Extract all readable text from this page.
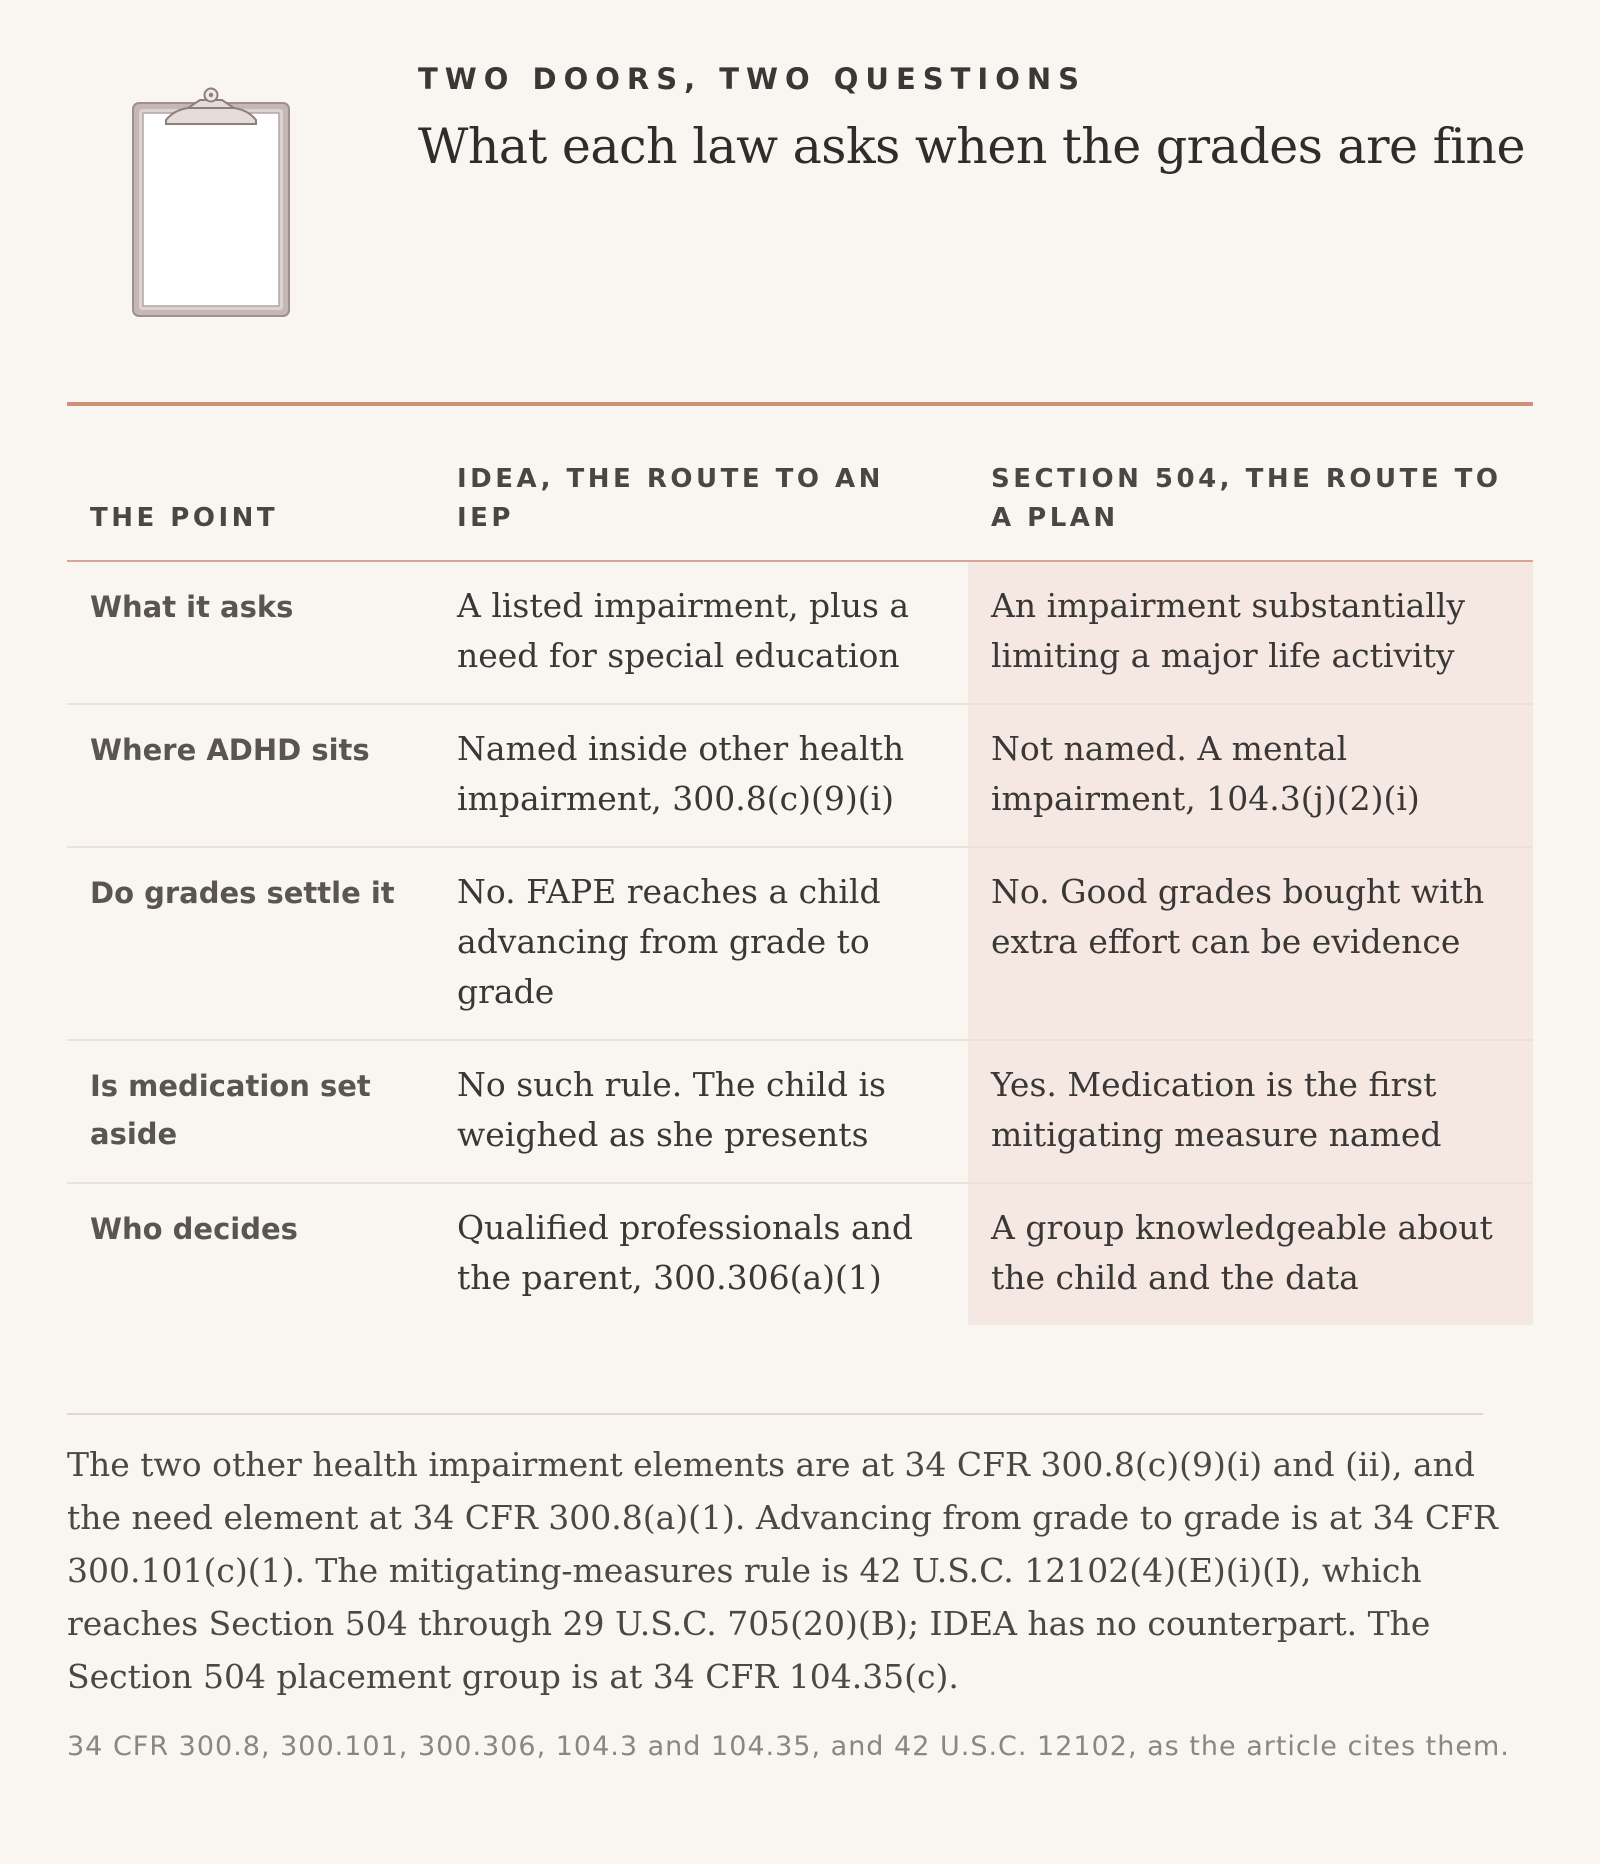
TWO DOORS, TWO QUESTIONS
What each law asks when the grades are fine
THE POINT	IDEA, THE ROUTE TO AN IEP	SECTION 504, THE ROUTE TO A PLAN
What it asks	A listed impairment, plus a need for special education	An impairment substantially limiting a major life activity
Where ADHD sits	Named inside other health impairment, 300.8(c)(9)(i)	Not named. A mental impairment, 104.3(j)(2)(i)
Do grades settle it	No. FAPE reaches a child advancing from grade to grade	No. Good grades bought with extra effort can be evidence
Is medication set aside	No such rule. The child is weighed as she presents	Yes. Medication is the first mitigating measure named
Who decides	Qualified professionals and the parent, 300.306(a)(1)	A group knowledgeable about the child and the data
The two other health impairment elements are at 34 CFR 300.8(c)(9)(i) and (ii), and the need element at 34 CFR 300.8(a)(1). Advancing from grade to grade is at 34 CFR 300.101(c)(1). The mitigating-measures rule is 42 U.S.C. 12102(4)(E)(i)(I), which reaches Section 504 through 29 U.S.C. 705(20)(B); IDEA has no counterpart. The Section 504 placement group is at 34 CFR 104.35(c).
34 CFR 300.8, 300.101, 300.306, 104.3 and 104.35, and 42 U.S.C. 12102, as the article cites them.
